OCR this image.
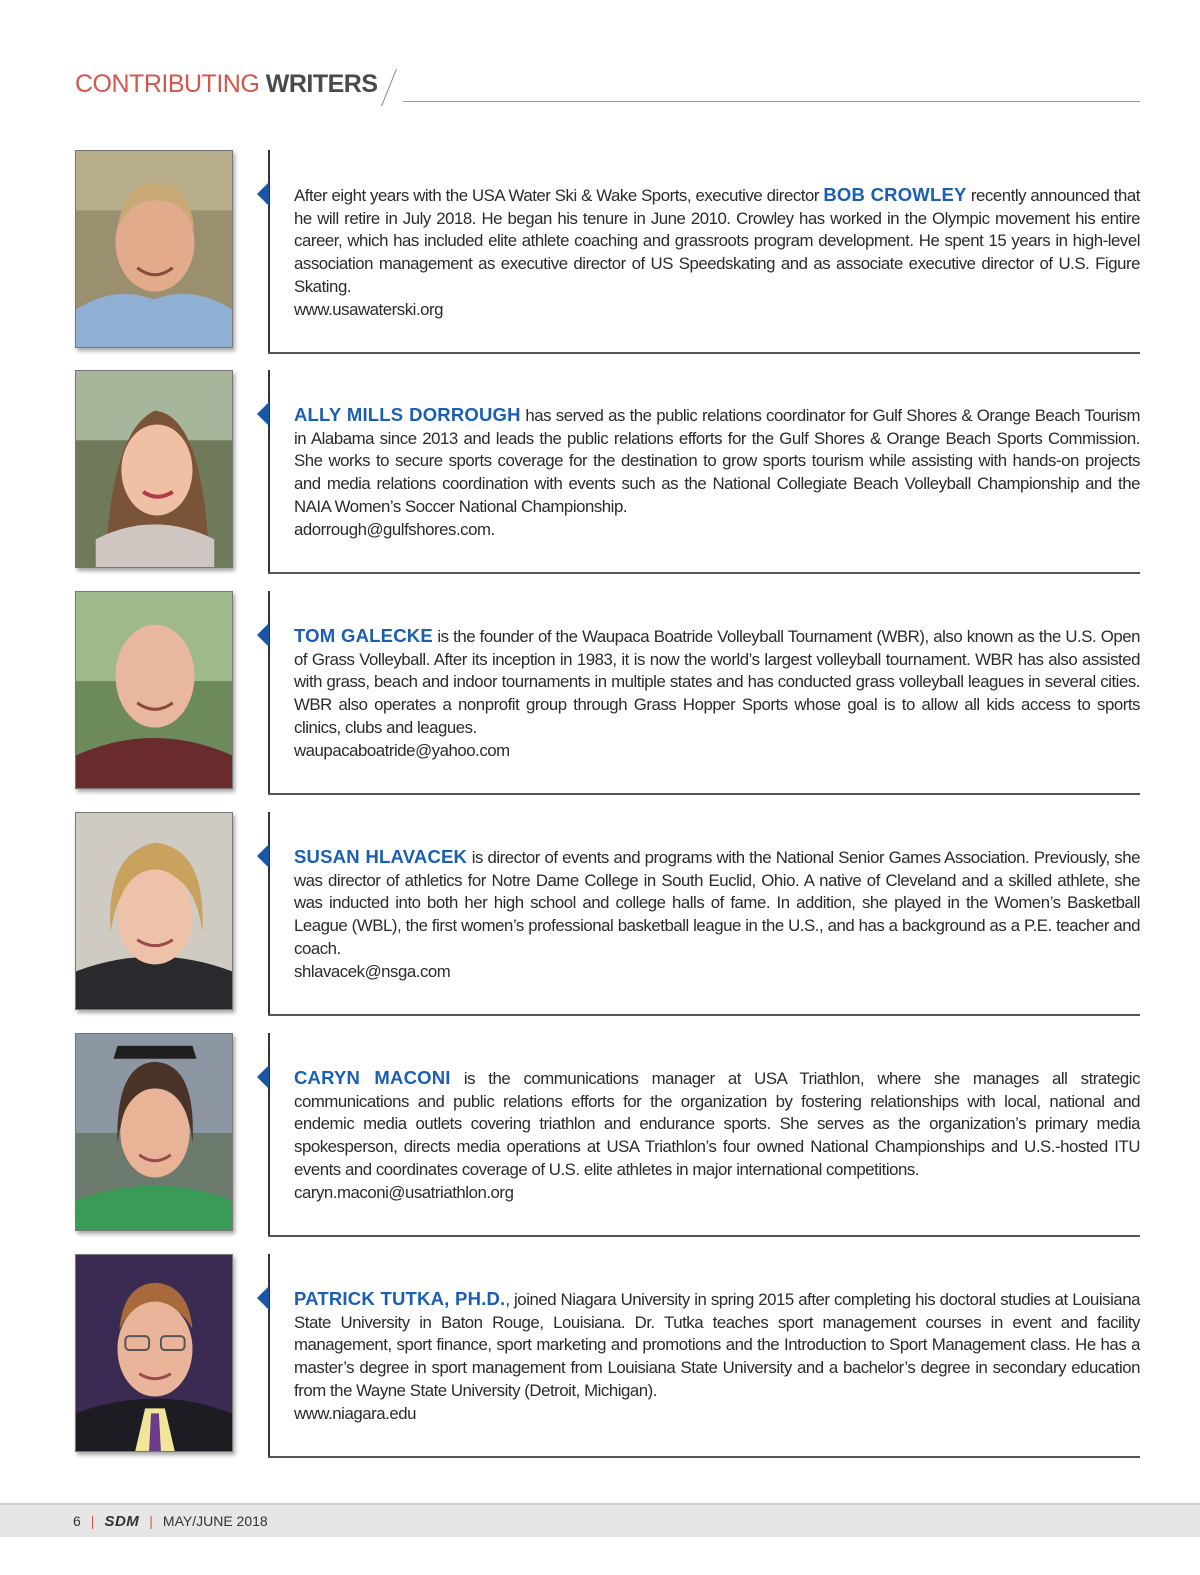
CONTRIBUTING WRITERS
After eight years with the USA Water Ski & Wake Sports, executive director BOB CROWLEY recently announced that he will retire in July 2018. He began his tenure in June 2010. Crowley has worked in the Olympic movement his entire career, which has included elite athlete coaching and grassroots program development. He spent 15 years in high-level association management as executive director of US Speedskating and as associate executive director of U.S. Figure Skating.
www.usawaterski.org
ALLY MILLS DORROUGH has served as the public relations coordinator for Gulf Shores & Orange Beach Tourism in Alabama since 2013 and leads the public relations efforts for the Gulf Shores & Orange Beach Sports Commission. She works to secure sports coverage for the destination to grow sports tourism while assisting with hands-on projects and media relations coordination with events such as the National Collegiate Beach Volleyball Championship and the NAIA Women’s Soccer National Championship.
adorrough@gulfshores.com.
TOM GALECKE is the founder of the Waupaca Boatride Volleyball Tournament (WBR), also known as the U.S. Open of Grass Volleyball. After its inception in 1983, it is now the world’s largest volleyball tournament. WBR has also assisted with grass, beach and indoor tournaments in multiple states and has conducted grass volleyball leagues in several cities. WBR also operates a nonprofit group through Grass Hopper Sports whose goal is to allow all kids access to sports clinics, clubs and leagues.
waupacaboatride@yahoo.com
SUSAN HLAVACEK is director of events and programs with the National Senior Games Association. Previously, she was director of athletics for Notre Dame College in South Euclid, Ohio. A native of Cleveland and a skilled athlete, she was inducted into both her high school and college halls of fame. In addition, she played in the Women’s Basketball League (WBL), the first women’s professional basketball league in the U.S., and has a background as a P.E. teacher and coach.
shlavacek@nsga.com
CARYN MACONI is the communications manager at USA Triathlon, where she manages all strategic communications and public relations efforts for the organization by fostering relationships with local, national and endemic media outlets covering triathlon and endurance sports. She serves as the organization’s primary media spokesperson, directs media operations at USA Triathlon’s four owned National Championships and U.S.-hosted ITU events and coordinates coverage of U.S. elite athletes in major international competitions.
caryn.maconi@usatriathlon.org
PATRICK TUTKA, PH.D., joined Niagara University in spring 2015 after completing his doctoral studies at Louisiana State University in Baton Rouge, Louisiana. Dr. Tutka teaches sport management courses in event and facility management, sport finance, sport marketing and promotions and the Introduction to Sport Management class. He has a master’s degree in sport management from Louisiana State University and a bachelor’s degree in secondary education from the Wayne State University (Detroit, Michigan).
www.niagara.edu
6 | SDM | MAY/JUNE 2018
